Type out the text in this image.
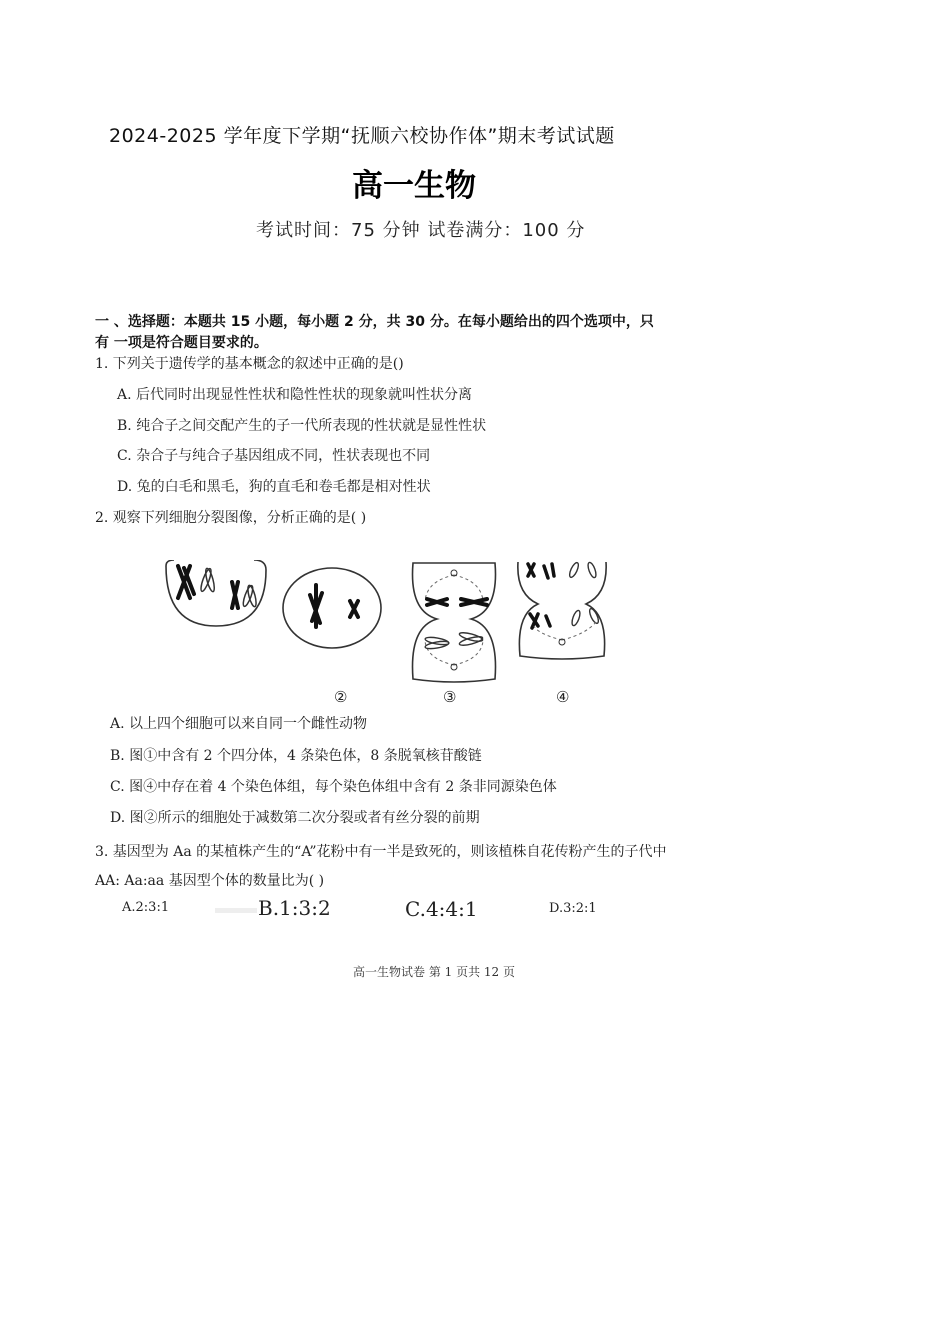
2024-2025 学年度下学期“抚顺六校协作体”期末考试试题
高一生物
考试时间：75 分钟 试卷满分：100 分
一 、选择题：本题共 15 小题，每小题 2 分，共 30 分。在每小题给出的四个选项中，只
有 一项是符合题目要求的。
1. 下列关于遗传学的基本概念的叙述中正确的是()
A. 后代同时出现显性性状和隐性性状的现象就叫性状分离
B. 纯合子之间交配产生的子一代所表现的性状就是显性性状
C. 杂合子与纯合子基因组成不同，性状表现也不同
D. 兔的白毛和黑毛，狗的直毛和卷毛都是相对性状
2. 观察下列细胞分裂图像，分析正确的是( )
②	③	④
A. 以上四个细胞可以来自同一个雌性动物
B. 图①中含有 2 个四分体，4 条染色体，8 条脱氧核苷酸链
C. 图④中存在着 4 个染色体组，每个染色体组中含有 2 条非同源染色体
D. 图②所示的细胞处于减数第二次分裂或者有丝分裂的前期
3. 基因型为 Aa 的某植株产生的“A”花粉中有一半是致死的，则该植株自花传粉产生的子代中
AA: Aa:aa 基因型个体的数量比为( )
A.2:3:1	B.1:3:2	C.4:4:1	D.3:2:1
高一生物试卷 第 1 页共 12 页
